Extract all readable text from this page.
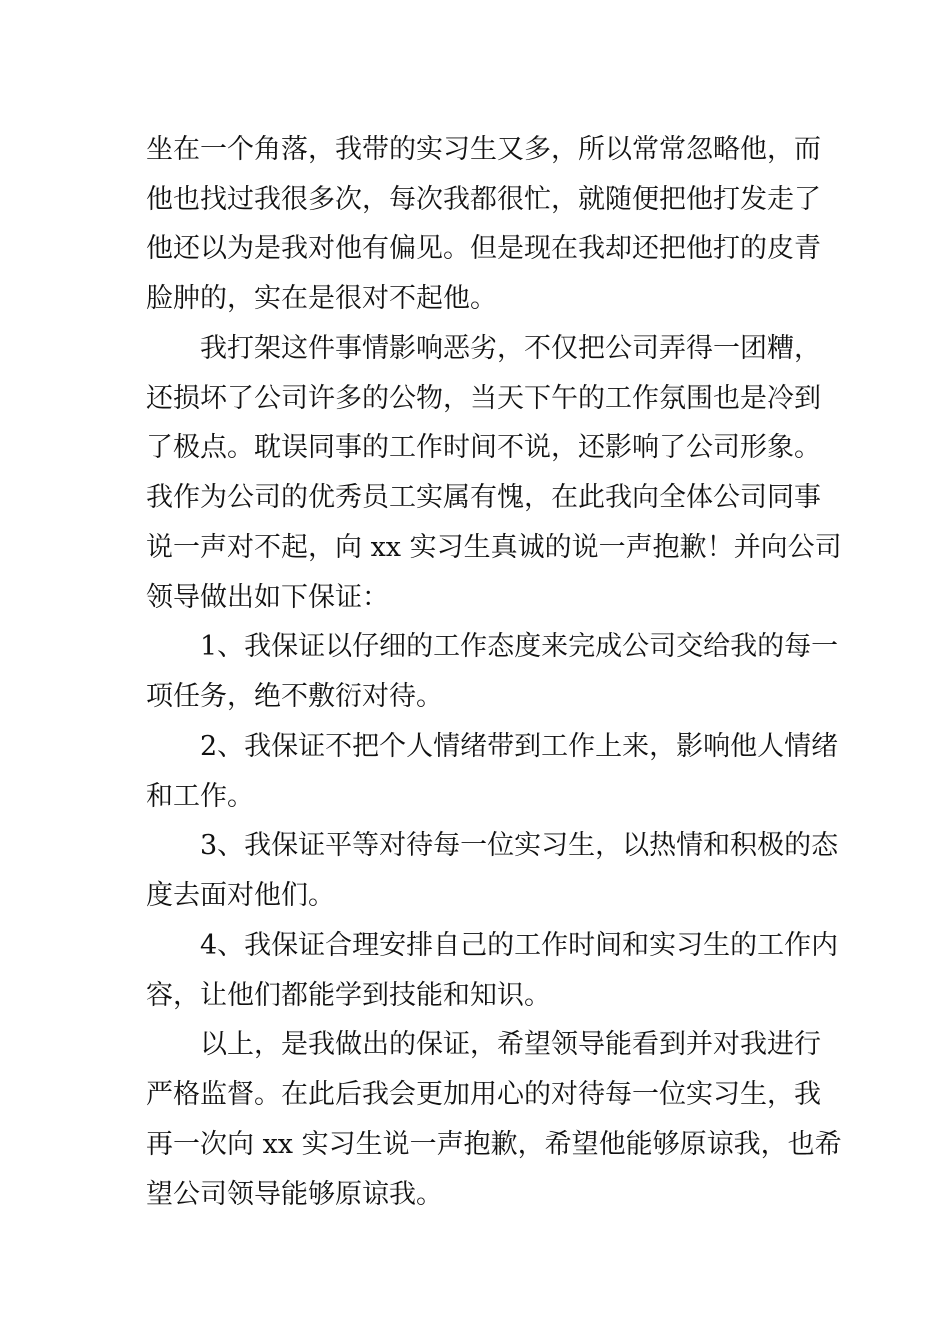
坐在一个角落，我带的实习生又多，所以常常忽略他，而
他也找过我很多次，每次我都很忙，就随便把他打发走了
他还以为是我对他有偏见。但是现在我却还把他打的皮青
脸肿的，实在是很对不起他。
我打架这件事情影响恶劣，不仅把公司弄得一团糟，
还损坏了公司许多的公物，当天下午的工作氛围也是冷到
了极点。耽误同事的工作时间不说，还影响了公司形象。
我作为公司的优秀员工实属有愧，在此我向全体公司同事
说一声对不起，向 xx 实习生真诚的说一声抱歉！并向公司
领导做出如下保证：
1、我保证以仔细的工作态度来完成公司交给我的每一
项任务，绝不敷衍对待。
2、我保证不把个人情绪带到工作上来，影响他人情绪
和工作。
3、我保证平等对待每一位实习生，以热情和积极的态
度去面对他们。
4、我保证合理安排自己的工作时间和实习生的工作内
容，让他们都能学到技能和知识。
以上，是我做出的保证，希望领导能看到并对我进行
严格监督。在此后我会更加用心的对待每一位实习生，我
再一次向 xx 实习生说一声抱歉，希望他能够原谅我，也希
望公司领导能够原谅我。
